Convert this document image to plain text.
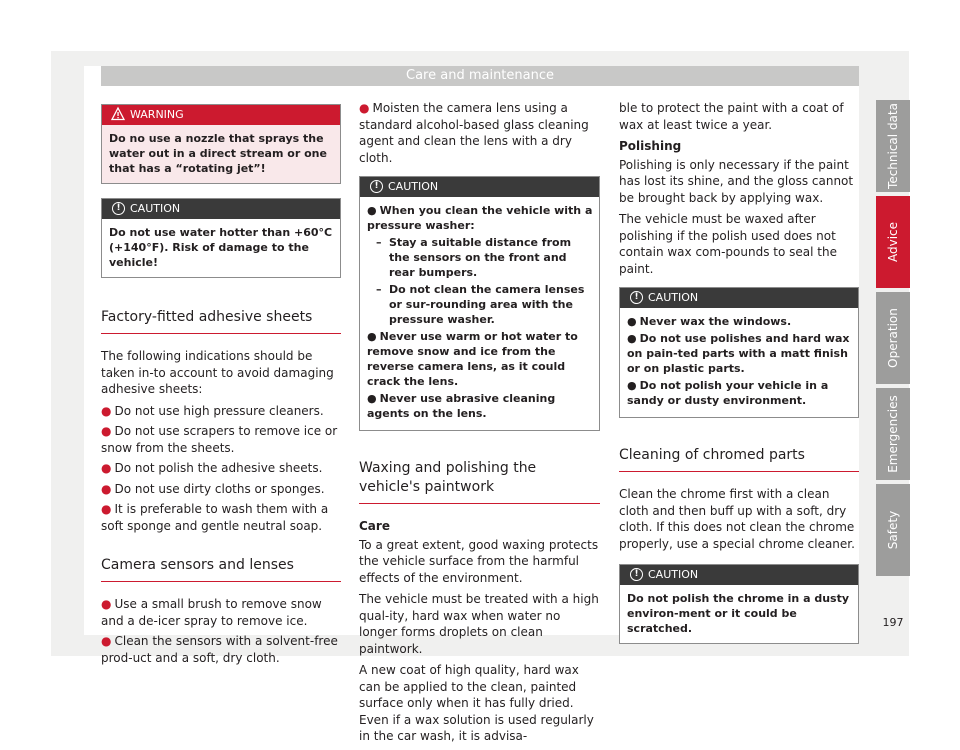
Care and maintenance
WARNING
Do no use a nozzle that sprays the water out in a direct stream or one that has a “rotating jet”!
! CAUTION
Do not use water hotter than +60°C (+140°F). Risk of damage to the vehicle!
Factory-fitted adhesive sheets

The following indications should be taken in-to account to avoid damaging adhesive sheets:

● Do not use high pressure cleaners.
● Do not use scrapers to remove ice or snow from the sheets.
● Do not polish the adhesive sheets.
● Do not use dirty cloths or sponges.
● It is preferable to wash them with a soft sponge and gentle neutral soap.
Camera sensors and lenses
● Use a small brush to remove snow and a de-icer spray to remove ice.
● Clean the sensors with a solvent-free prod-uct and a soft, dry cloth.
● Moisten the camera lens using a standard alcohol-based glass cleaning agent and clean the lens with a dry cloth.
! CAUTION
● When you clean the vehicle with a pressure washer:
– Stay a suitable distance from the sensors on the front and rear bumpers.
– Do not clean the camera lenses or sur-rounding area with the pressure washer.
● Never use warm or hot water to remove snow and ice from the reverse camera lens, as it could crack the lens.
● Never use abrasive cleaning agents on the lens.
Waxing and polishing the vehicle's paintwork
Care

To a great extent, good waxing protects the vehicle surface from the harmful effects of the environment.

The vehicle must be treated with a high qual-ity, hard wax when water no longer forms droplets on clean paintwork.

A new coat of high quality, hard wax can be applied to the clean, painted surface only when it has fully dried. Even if a wax solution is used regularly in the car wash, it is advisa-

ble to protect the paint with a coat of wax at least twice a year.

Polishing

Polishing is only necessary if the paint has lost its shine, and the gloss cannot be brought back by applying wax.

The vehicle must be waxed after polishing if the polish used does not contain wax com-pounds to seal the paint.

! CAUTION
● Never wax the windows.
● Do not use polishes and hard wax on pain-ted parts with a matt finish or on plastic parts.
● Do not polish your vehicle in a sandy or dusty environment.
Cleaning of chromed parts

Clean the chrome first with a clean cloth and then buff up with a soft, dry cloth. If this does not clean the chrome properly, use a special chrome cleaner.

! CAUTION
Do not polish the chrome in a dusty environ-ment or it could be scratched.
Technical data
Advice
Operation
Emergencies
Safety
197
